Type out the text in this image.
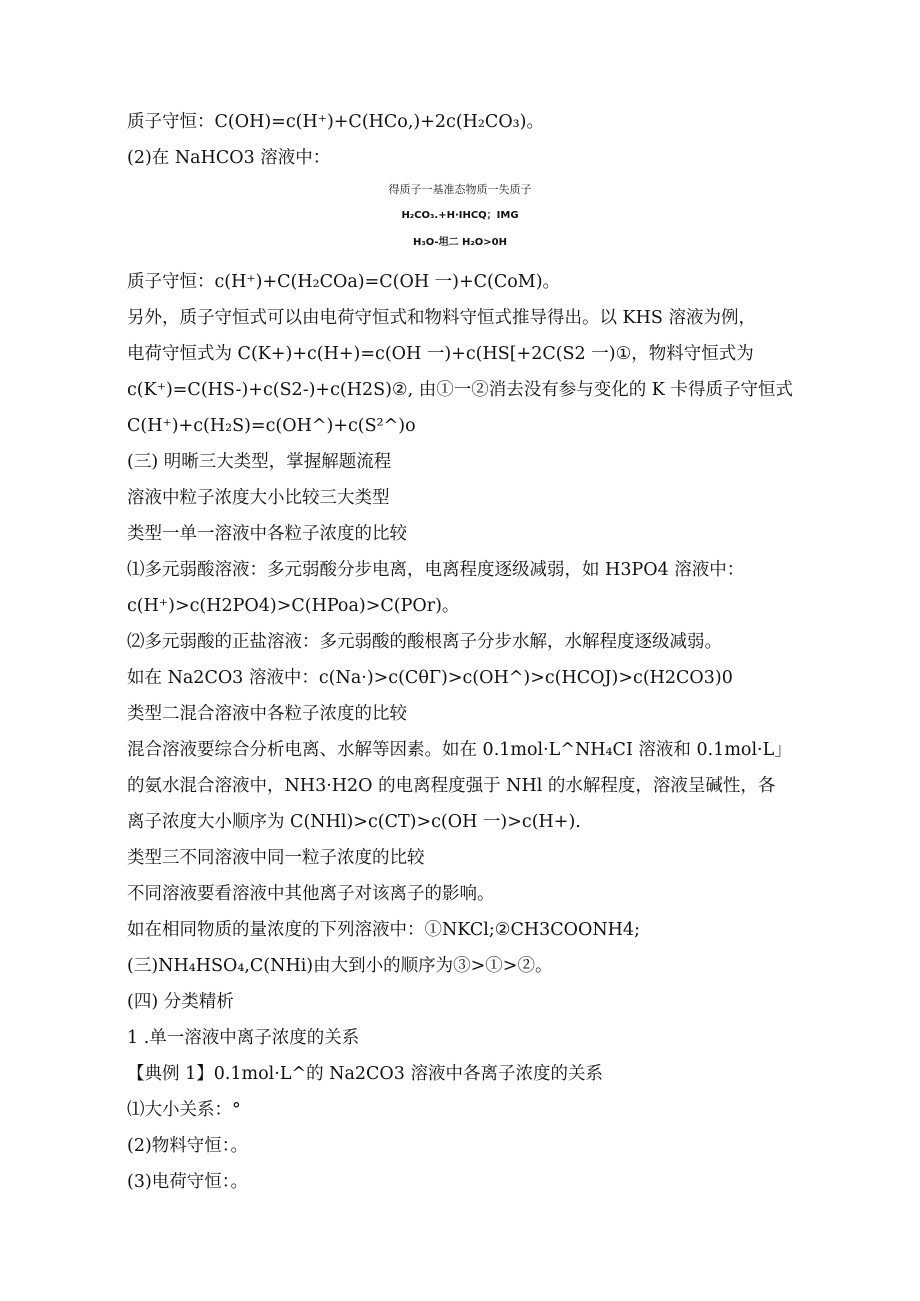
质子守恒：C(OH)=c(H⁺)+C(HCo,)+2c(H₂CO₃)。
(2)在 NaHCO3 溶液中：
得质子一基准态物质一失质子
H₂CO₃.+H·IHCQ；IMG
H₃O-坦二 H₂O>0H
质子守恒：c(H⁺)+C(H₂COa)=C(OH 一)+C(CoM)。
另外，质子守恒式可以由电荷守恒式和物料守恒式推导得出。以 KHS 溶液为例，
电荷守恒式为 C(K+)+c(H+)=c(OH 一)+c(HS[+2C(S2 一)①，物料守恒式为
c(K⁺)=C(HS-)+c(S2-)+c(H2S)②, 由①一②消去没有参与变化的 K 卡得质子守恒式
C(H⁺)+c(H₂S)=c(OH^)+c(S²^)o
(三) 明晰三大类型，掌握解题流程
溶液中粒子浓度大小比较三大类型
类型一单一溶液中各粒子浓度的比较
⑴多元弱酸溶液：多元弱酸分步电离，电离程度逐级减弱，如 H3PO4 溶液中：
c(H⁺)>c(H2PO4)>C(HPoa)>C(POr)。
⑵多元弱酸的正盐溶液：多元弱酸的酸根离子分步水解，水解程度逐级减弱。
如在 Na2CO3 溶液中：c(Na·)>c(CθΓ)>c(OH^)>c(HCOJ)>c(H2CO3)0
类型二混合溶液中各粒子浓度的比较
混合溶液要综合分析电离、水解等因素。如在 0.1mol·L^NH₄CI 溶液和 0.1mol·L」
的氨水混合溶液中，NH3·H2O 的电离程度强于 NHl 的水解程度，溶液呈碱性，各
离子浓度大小顺序为 C(NHl)>c(CT)>c(OH 一)>c(H+).
类型三不同溶液中同一粒子浓度的比较
不同溶液要看溶液中其他离子对该离子的影响。
如在相同物质的量浓度的下列溶液中：①NKCl;②CH3COONH4;
(三)NH₄HSO₄,C(NHi)由大到小的顺序为③>①>②。
(四) 分类精析
1 .单一溶液中离子浓度的关系
【典例 1】0.1mol·L^的 Na2CO3 溶液中各离子浓度的关系
⑴大小关系：°
(2)物料守恒：。
(3)电荷守恒：。
